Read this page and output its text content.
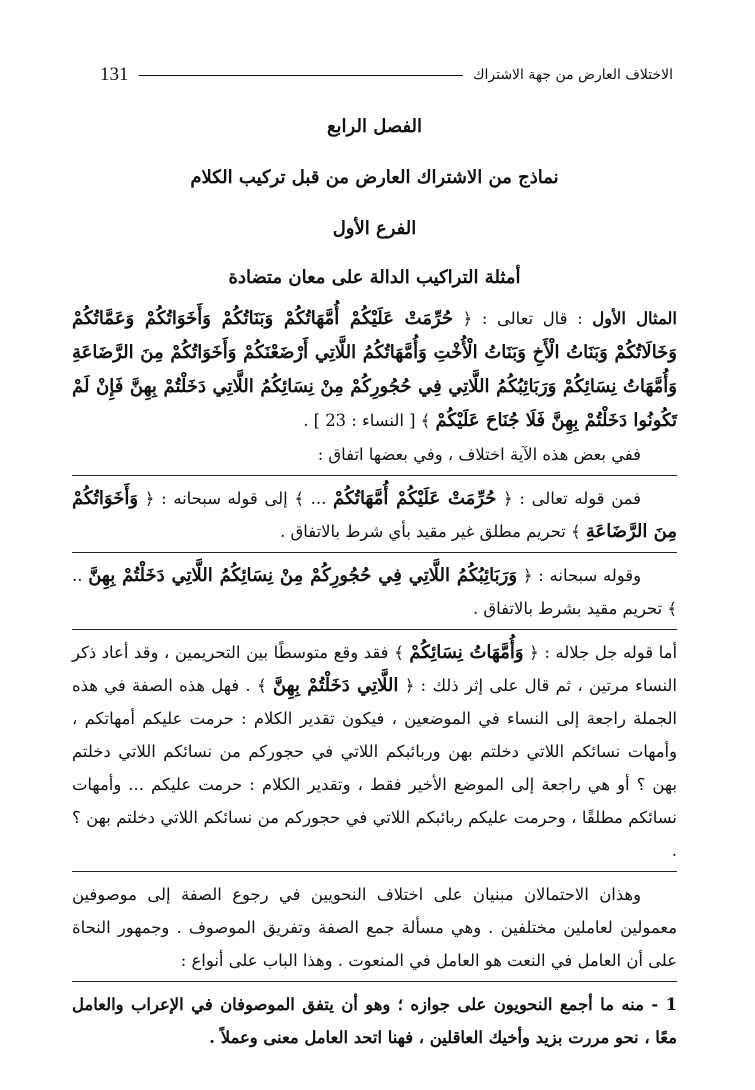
131	الاختلاف العارض من جهة الاشتراك

الفصل الرابع

نماذج من الاشتراك العارض من قبل تركيب الكلام

الفرع الأول

أمثلة التراكيب الدالة على معان متضادة

المثال الأول : قال تعالى : ﴿ حُرِّمَتْ عَلَيْكُمْ أُمَّهَاتُكُمْ وَبَنَاتُكُمْ وَأَخَوَاتُكُمْ وَعَمَّاتُكُمْ وَخَالَاتُكُمْ وَبَنَاتُ الْأَخِ وَبَنَاتُ الْأُخْتِ وَأُمَّهَاتُكُمُ اللَّاتِي أَرْضَعْنَكُمْ وَأَخَوَاتُكُمْ مِنَ الرَّضَاعَةِ وَأُمَّهَاتُ نِسَائِكُمْ وَرَبَائِبُكُمُ اللَّاتِي فِي حُجُورِكُمْ مِنْ نِسَائِكُمُ اللَّاتِي دَخَلْتُمْ بِهِنَّ فَإِنْ لَمْ تَكُونُوا دَخَلْتُمْ بِهِنَّ فَلَا جُنَاحَ عَلَيْكُمْ ﴾ [ النساء : 23 ] .

ففي بعض هذه الآية اختلاف ، وفي بعضها اتفاق :

فمن قوله تعالى : ﴿ حُرِّمَتْ عَلَيْكُمْ أُمَّهَاتُكُمْ ... ﴾ إلى قوله سبحانه : ﴿ وَأَخَوَاتُكُمْ مِنَ الرَّضَاعَةِ ﴾ تحريم مطلق غير مقيد بأي شرط بالاتفاق .

وقوله سبحانه : ﴿ وَرَبَائِبُكُمُ اللَّاتِي فِي حُجُورِكُمْ مِنْ نِسَائِكُمُ اللَّاتِي دَخَلْتُمْ بِهِنَّ .. ﴾ تحريم مقيد بشرط بالاتفاق .

أما قوله جل جلاله : ﴿ وَأُمَّهَاتُ نِسَائِكُمْ ﴾ فقد وقع متوسطًا بين التحريمين ، وقد أعاد ذكر النساء مرتين ، ثم قال على إثر ذلك : ﴿ اللَّاتِي دَخَلْتُمْ بِهِنَّ ﴾ . فهل هذه الصفة في هذه الجملة راجعة إلى النساء في الموضعين ، فيكون تقدير الكلام : حرمت عليكم أمهاتكم ، وأمهات نسائكم اللاتي دخلتم بهن وربائبكم اللاتي في حجوركم من نسائكم اللاتي دخلتم بهن ؟ أو هي راجعة إلى الموضع الأخير فقط ، وتقدير الكلام : حرمت عليكم ... وأمهات نسائكم مطلقًا ، وحرمت عليكم ربائبكم اللاتي في حجوركم من نسائكم اللاتي دخلتم بهن ؟ .

وهذان الاحتمالان مبنيان على اختلاف النحويين في رجوع الصفة إلى موصوفين معمولين لعاملين مختلفين . وهي مسألة جمع الصفة وتفريق الموصوف . وجمهور النحاة على أن العامل في النعت هو العامل في المنعوت . وهذا الباب على أنواع :

1 - منه ما أجمع النحويون على جوازه ؛ وهو أن يتفق الموصوفان في الإعراب والعامل معًا ، نحو مررت بزيد وأخيك العاقلين ، فهنا اتحد العامل معنى وعملاً .
